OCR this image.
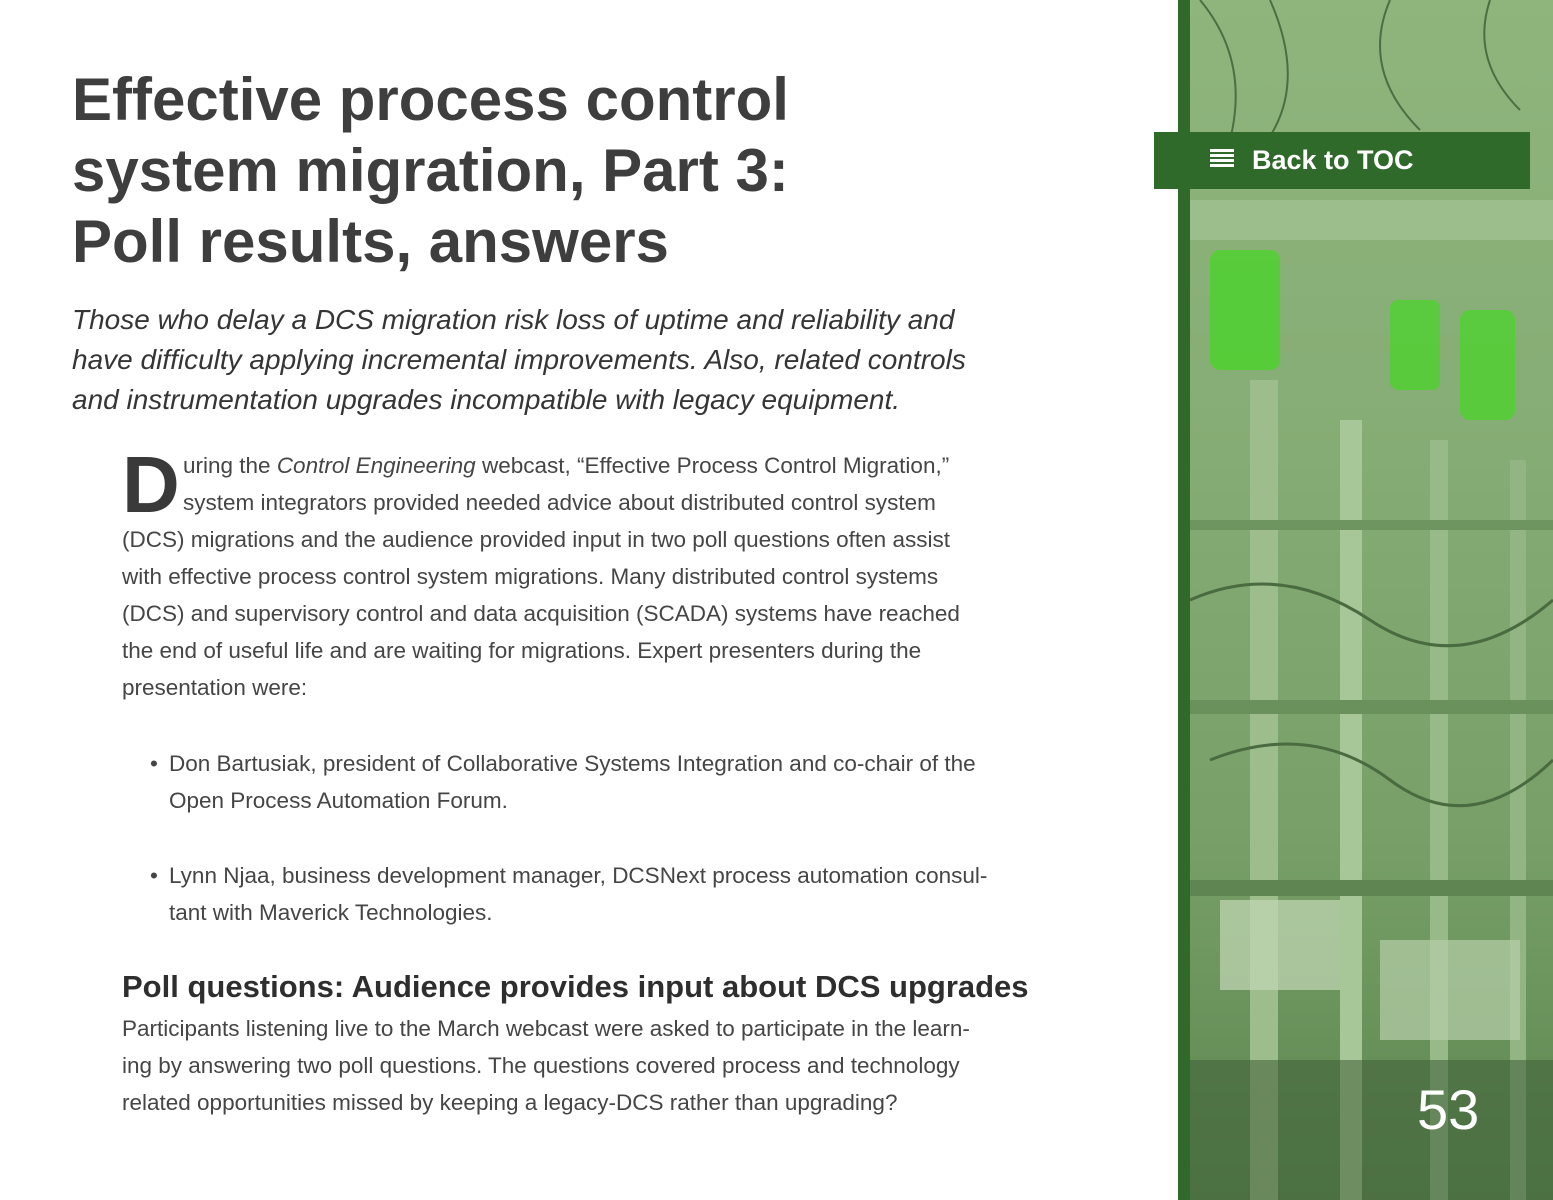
Effective process control
system migration, Part 3:
Poll results, answers
Those who delay a DCS migration risk loss of uptime and reliability and
have difficulty applying incremental improvements. Also, related controls
and instrumentation upgrades incompatible with legacy equipment.
D uring the Control Engineering webcast, “Effective Process Control Migration,”
system integrators provided needed advice about distributed control system
(DCS) migrations and the audience provided input in two poll questions often assist
with effective process control system migrations. Many distributed control systems
(DCS) and supervisory control and data acquisition (SCADA) systems have reached
the end of useful life and are waiting for migrations. Expert presenters during the
presentation were:
• Don Bartusiak, president of Collaborative Systems Integration and co-chair of the
Open Process Automation Forum.
• Lynn Njaa, business development manager, DCSNext process automation consul-
tant with Maverick Technologies.
Poll questions: Audience provides input about DCS upgrades
Participants listening live to the March webcast were asked to participate in the learn-
ing by answering two poll questions. The questions covered process and technology
related opportunities missed by keeping a legacy-DCS rather than upgrading?
Back to TOC
53
